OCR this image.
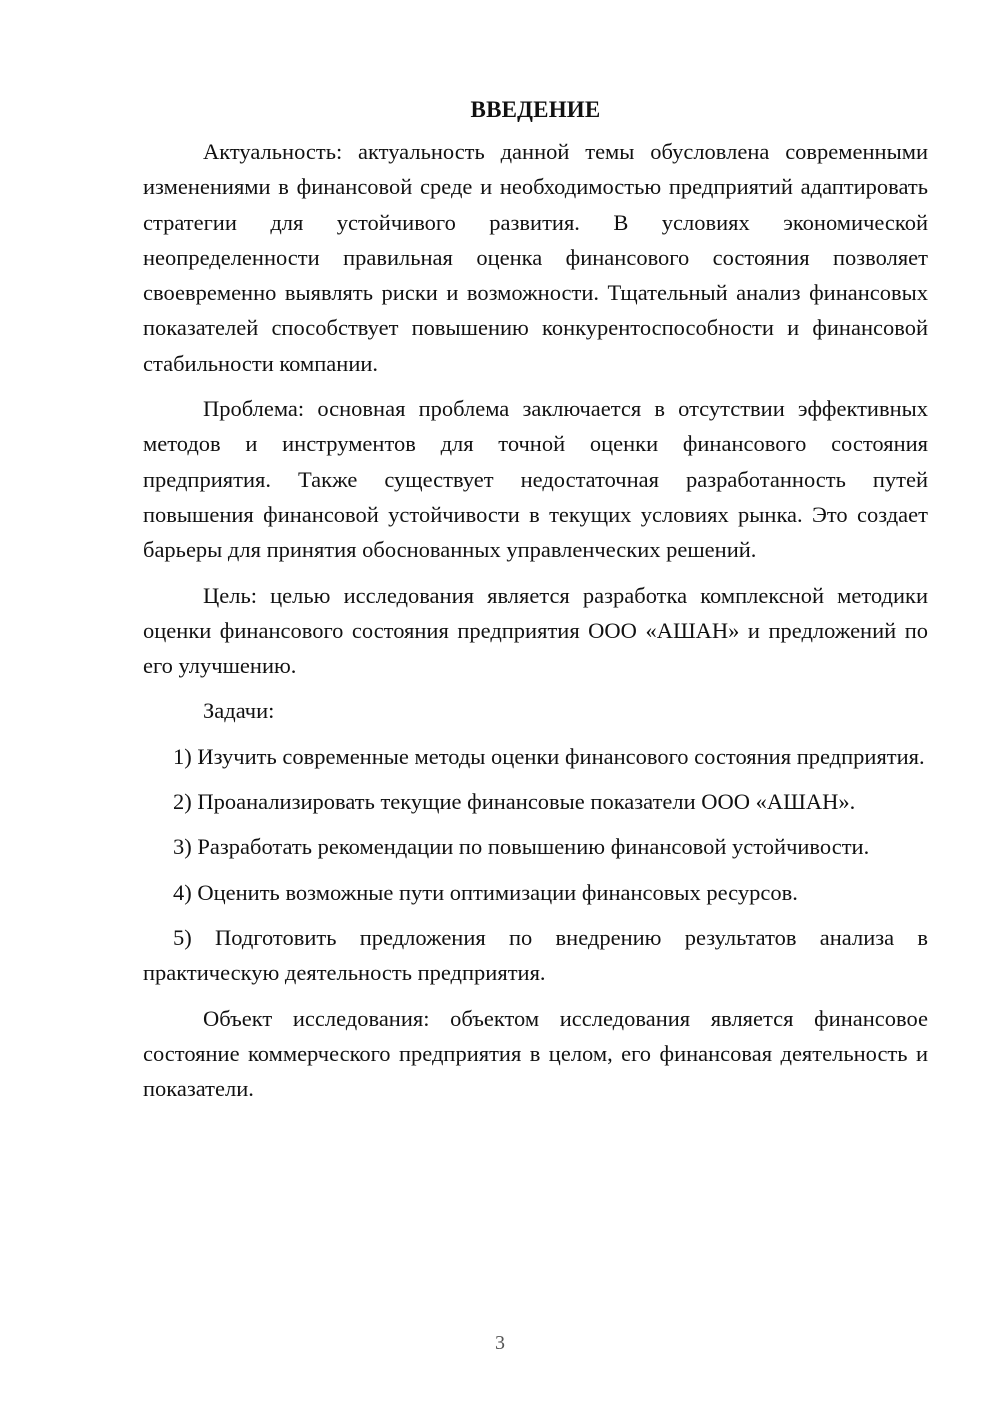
ВВЕДЕНИЕ

Актуальность: актуальность данной темы обусловлена современными изменениями в финансовой среде и необходимостью предприятий адаптировать стратегии для устойчивого развития. В условиях экономической неопределенности правильная оценка финансового состояния позволяет своевременно выявлять риски и возможности. Тщательный анализ финансовых показателей способствует повышению конкурентоспособности и финансовой стабильности компании.

Проблема: основная проблема заключается в отсутствии эффективных методов и инструментов для точной оценки финансового состояния предприятия. Также существует недостаточная разработанность путей повышения финансовой устойчивости в текущих условиях рынка. Это создает барьеры для принятия обоснованных управленческих решений.

Цель: целью исследования является разработка комплексной методики оценки финансового состояния предприятия ООО «АШАН» и предложений по его улучшению.

Задачи:

1) Изучить современные методы оценки финансового состояния предприятия.

2) Проанализировать текущие финансовые показатели ООО «АШАН».

3) Разработать рекомендации по повышению финансовой устойчивости.

4) Оценить возможные пути оптимизации финансовых ресурсов.

5) Подготовить предложения по внедрению результатов анализа в практическую деятельность предприятия.

Объект исследования: объектом исследования является финансовое состояние коммерческого предприятия в целом, его финансовая деятельность и показатели.

3
